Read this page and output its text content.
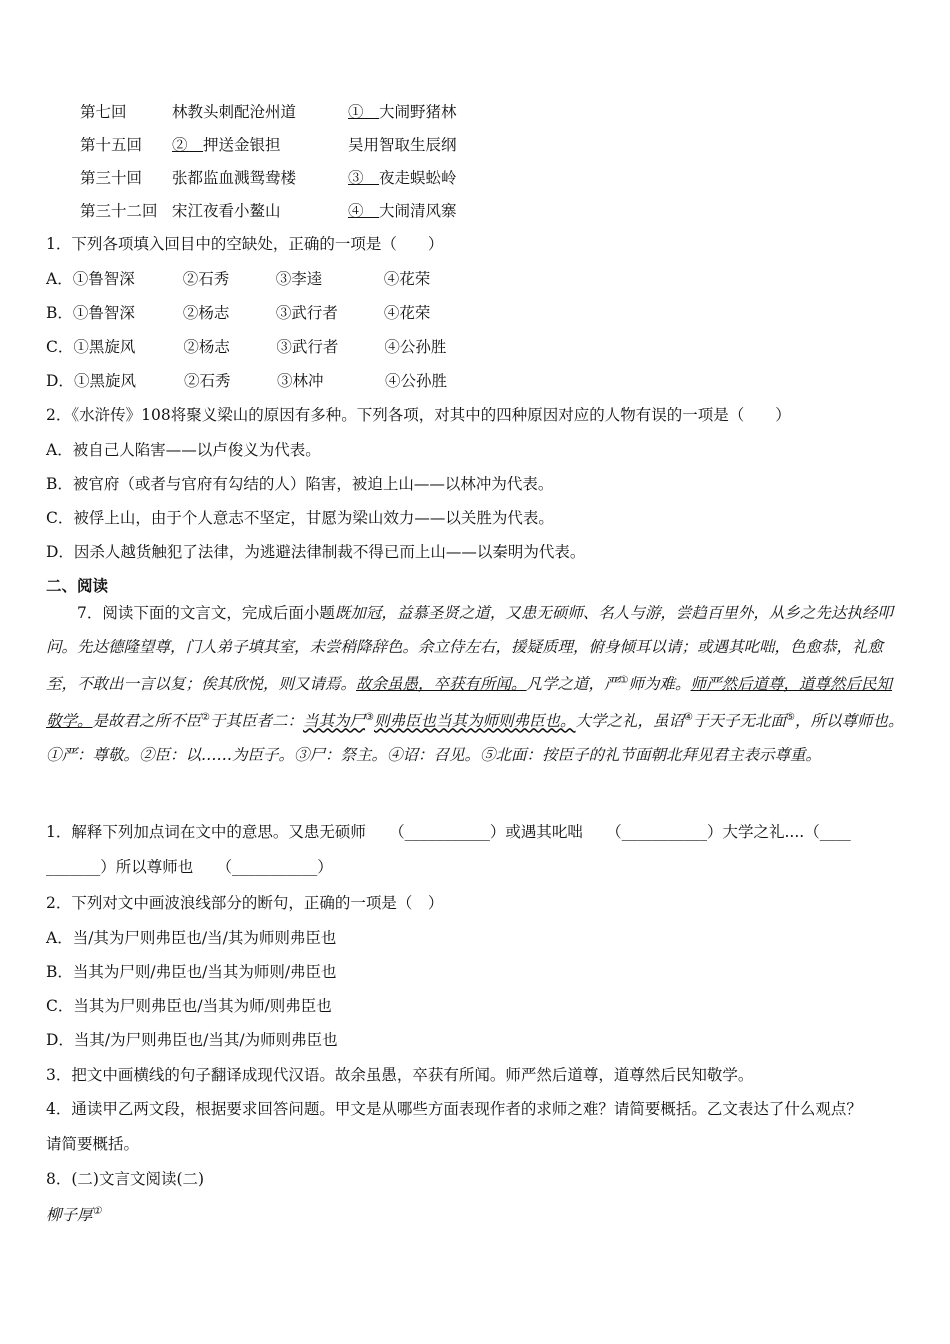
第七回	林教头刺配沧州道	①　 大闹野猪林
第十五回 ②　 押送金银担	吴用智取生辰纲
第三十回 张都监血溅鸳鸯楼	③　 夜走蜈蚣岭
第三十二回 宋江夜看小鳌山	④　 大闹清风寨
1．下列各项填入回目中的空缺处，正确的一项是（　　）
A．①鲁智深	②石秀	③李逵	④花荣
B．①鲁智深	②杨志	③武行者	④花荣
C．①黑旋风	②杨志	③武行者	④公孙胜
D．①黑旋风	②石秀	③林冲	④公孙胜
2．《水浒传》108将聚义梁山的原因有多种。下列各项，对其中的四种原因对应的人物有误的一项是（　　）
A．被自己人陷害——以卢俊义为代表。
B．被官府（或者与官府有勾结的人）陷害，被迫上山——以林冲为代表。
C．被俘上山，由于个人意志不坚定，甘愿为梁山效力——以关胜为代表。
D．因杀人越货触犯了法律，为逃避法律制裁不得已而上山——以秦明为代表。
二、阅读
7．阅读下面的文言文，完成后面小题既加冠，益慕圣贤之道，又患无硕师、名人与游，尝趋百里外，从乡之先达执经叩问。先达德隆望尊，门人弟子填其室，未尝稍降辞色。余立侍左右，援疑质理，俯身倾耳以请；或遇其叱咄，色愈恭，礼愈至，不敢出一言以复；俟其欣悦，则又请焉。故余虽愚，卒获有所闻。凡学之道，严①师为难。师严然后道尊，道尊然后民知敬学。是故君之所不臣②于其臣者二：当其为尸③则弗臣也当其为师则弗臣也。大学之礼，虽诏④于天子无北面⑤，所以尊师也。①严：尊敬。②臣：以……为臣子。③尸：祭主。④诏：召见。⑤北面：按臣子的礼节面朝北拜见君主表示尊重。
1．解释下列加点词在文中的意思。又患无硕师　　（___________）或遇其叱咄　　（___________）大学之礼....（____
_______）所以尊师也　　（___________）
2．下列对文中画波浪线部分的断句，正确的一项是（　）
A．当/其为尸则弗臣也/当/其为师则弗臣也
B．当其为尸则/弗臣也/当其为师则/弗臣也
C．当其为尸则弗臣也/当其为师/则弗臣也
D．当其/为尸则弗臣也/当其/为师则弗臣也
3．把文中画横线的句子翻译成现代汉语。故余虽愚，卒获有所闻。师严然后道尊，道尊然后民知敬学。
4．通读甲乙两文段，根据要求回答问题。甲文是从哪些方面表现作者的求师之难？请简要概括。乙文表达了什么观点？
请简要概括。
8．(二)文言文阅读(二)
柳子厚①
